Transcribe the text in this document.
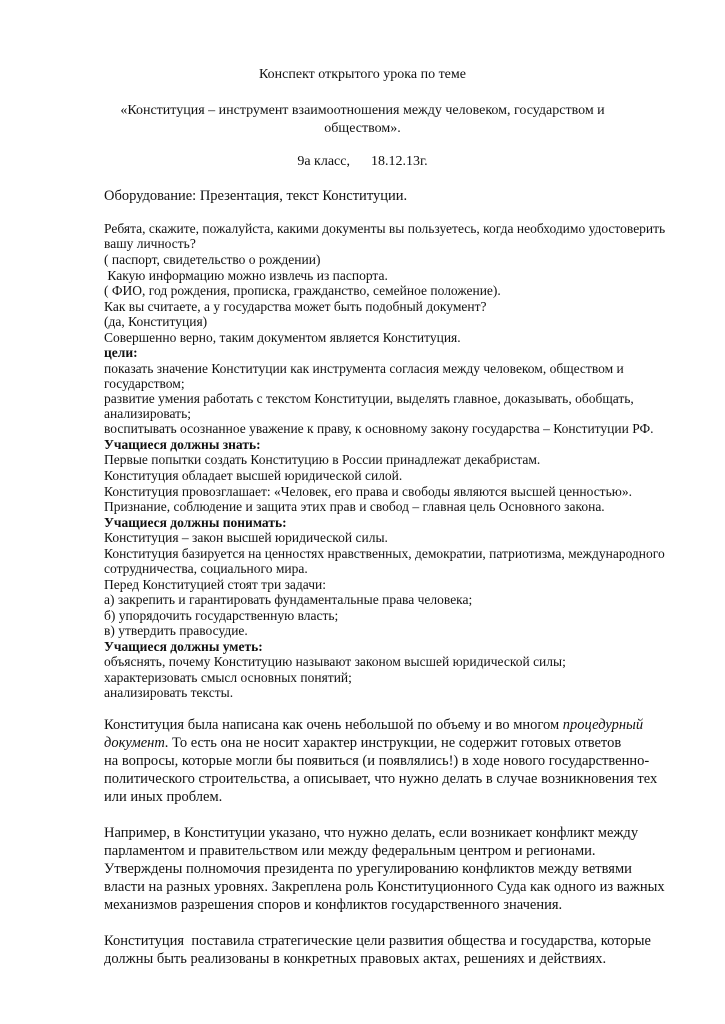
Конспект открытого урока по теме
«Конституция – инструмент взаимоотношения между человеком, государством и
обществом».
9а класс,      18.12.13г.
Оборудование: Презентация, текст Конституции.
Ребята, скажите, пожалуйста, какими документы вы пользуетесь, когда необходимо удостоверить
вашу личность?
( паспорт, свидетельство о рождении)
Какую информацию можно извлечь из паспорта.
( ФИО, год рождения, прописка, гражданство, семейное положение).
Как вы считаете, а у государства может быть подобный документ?
(да, Конституция)
Совершенно верно, таким документом является Конституция.
цели:
показать значение Конституции как инструмента согласия между человеком, обществом и
государством;
развитие умения работать с текстом Конституции, выделять главное, доказывать, обобщать,
анализировать;
воспитывать осознанное уважение к праву, к основному закону государства – Конституции РФ.
Учащиеся должны знать:
Первые попытки создать Конституцию в России принадлежат декабристам.
Конституция обладает высшей юридической силой.
Конституция провозглашает: «Человек, его права и свободы являются высшей ценностью».
Признание, соблюдение и защита этих прав и свобод – главная цель Основного закона.
Учащиеся должны понимать:
Конституция – закон высшей юридической силы.
Конституция базируется на ценностях нравственных, демократии, патриотизма, международного
сотрудничества, социального мира.
Перед Конституцией стоят три задачи:
а) закрепить и гарантировать фундаментальные права человека;
б) упорядочить государственную власть;
в) утвердить правосудие.
Учащиеся должны уметь:
объяснять, почему Конституцию называют законом высшей юридической силы;
характеризовать смысл основных понятий;
анализировать тексты.
Конституция была написана как очень небольшой по объему и во многом процедурный
документ. То есть она не носит характер инструкции, не содержит готовых ответов
на вопросы, которые могли бы появиться (и появлялись!) в ходе нового государственно-
политического строительства, а описывает, что нужно делать в случае возникновения тех
или иных проблем.
Например, в Конституции указано, что нужно делать, если возникает конфликт между
парламентом и правительством или между федеральным центром и регионами.
Утверждены полномочия президента по урегулированию конфликтов между ветвями
власти на разных уровнях. Закреплена роль Конституционного Суда как одного из важных
механизмов разрешения споров и конфликтов государственного значения.
Конституция  поставила стратегические цели развития общества и государства, которые
должны быть реализованы в конкретных правовых актах, решениях и действиях.
